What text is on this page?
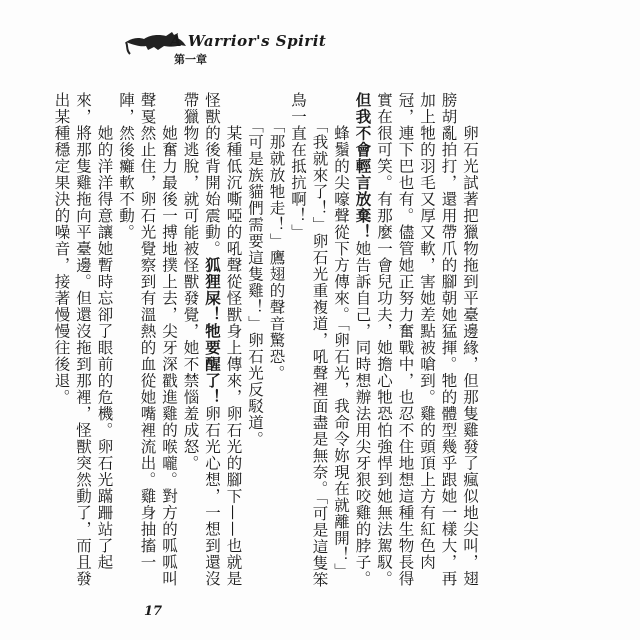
A Warrior's Spirit
第一章

　　卵石光試著把獵物拖到平臺邊緣，但那隻雞發了瘋似地尖叫，翅膀胡亂拍打，還用帶爪的腳朝她猛揮。牠的體型幾乎跟她一樣大，再加上牠的羽毛又厚又軟，害她差點被嗆到。雞的頭頂上方有紅色肉冠，連下巴也有。儘管她正努力奮戰中，也忍不住地想這種生物長得實在很可笑。有那麼一會兒功夫，她擔心牠恐怕強悍到她無法駕馭。但我不會輕言放棄！她告訴自己，同時想辦法用尖牙狠咬雞的脖子。

　　蜂鬚的尖嚎聲從下方傳來。「卵石光，我命令妳現在就離開！」

　　「我就來了！」卵石光重複道，吼聲裡面盡是無奈。「可是這隻笨鳥一直在抵抗啊！」

　　「那就放牠走！」鷹翅的聲音驚恐。

　　「可是族貓們需要這隻雞！」卵石光反駁道。

　　某種低沉嘶啞的吼聲從怪獸身上傳來，卵石光的腳下——也就是怪獸的後背開始震動。狐狸屎！牠要醒了！卵石光心想，一想到還沒帶獵物逃脫，就可能被怪獸發覺，她不禁惱羞成怒。

　　她奮力最後一搏地撲上去，尖牙深戳進雞的喉嚨。對方的呱呱叫聲戛然止住，卵石光覺察到有溫熱的血從她嘴裡流出。雞身抽搐一陣，然後癱軟不動。

　　她的洋洋得意讓她暫時忘卻了眼前的危機。卵石光蹣跚站了起來，將那隻雞拖向平臺邊。但還沒拖到那裡，怪獸突然動了，而且發出某種穩定果決的噪音，接著慢慢往後退。

17
